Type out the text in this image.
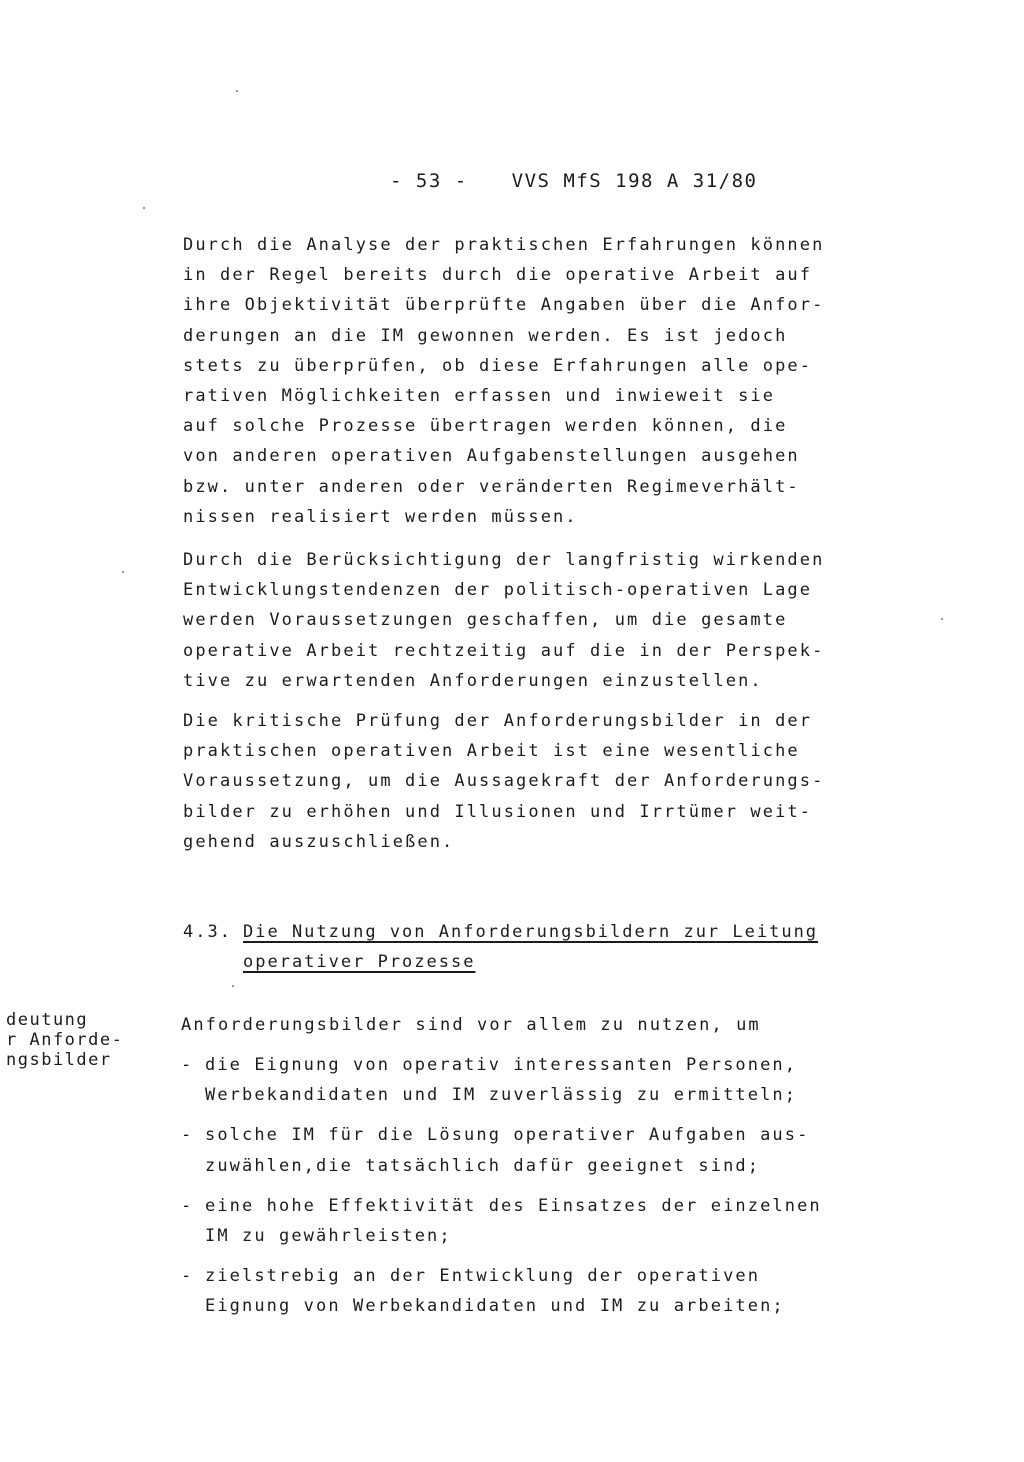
- 53 - VVS MfS 198 A 31/80
Durch die Analyse der praktischen Erfahrungen können
in der Regel bereits durch die operative Arbeit auf
ihre Objektivität überprüfte Angaben über die Anfor-
derungen an die IM gewonnen werden. Es ist jedoch
stets zu überprüfen, ob diese Erfahrungen alle ope-
rativen Möglichkeiten erfassen und inwieweit sie
auf solche Prozesse übertragen werden können, die
von anderen operativen Aufgabenstellungen ausgehen
bzw. unter anderen oder veränderten Regimeverhält-
nissen realisiert werden müssen.
Durch die Berücksichtigung der langfristig wirkenden
Entwicklungstendenzen der politisch-operativen Lage
werden Voraussetzungen geschaffen, um die gesamte
operative Arbeit rechtzeitig auf die in der Perspek-
tive zu erwartenden Anforderungen einzustellen.
Die kritische Prüfung der Anforderungsbilder in der
praktischen operativen Arbeit ist eine wesentliche
Voraussetzung, um die Aussagekraft der Anforderungs-
bilder zu erhöhen und Illusionen und Irrtümer weit-
gehend auszuschließen.
4.3. Die Nutzung von Anforderungsbildern zur Leitung
operativer Prozesse
deutung
r Anforde-
ngsbilder
Anforderungsbilder sind vor allem zu nutzen, um
- die Eignung von operativ interessanten Personen,
Werbekandidaten und IM zuverlässig zu ermitteln;
- solche IM für die Lösung operativer Aufgaben aus-
zuwählen,die tatsächlich dafür geeignet sind;
- eine hohe Effektivität des Einsatzes der einzelnen
IM zu gewährleisten;
- zielstrebig an der Entwicklung der operativen
Eignung von Werbekandidaten und IM zu arbeiten;
